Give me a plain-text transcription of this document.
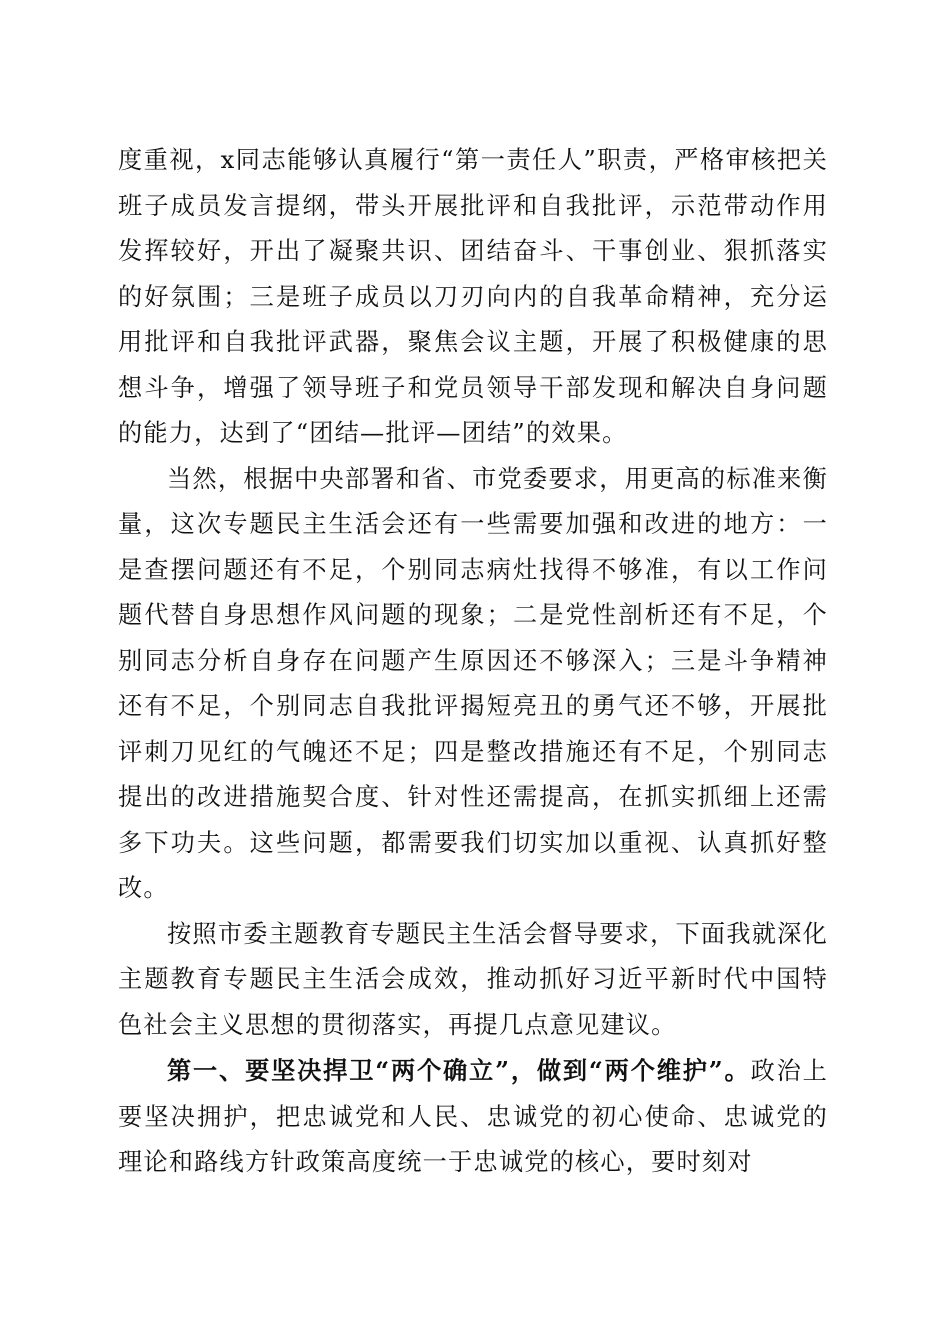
度重视，x同志能够认真履行“第一责任人”职责，严格审核把关班子成员发言提纲，带头开展批评和自我批评，示范带动作用发挥较好，开出了凝聚共识、团结奋斗、干事创业、狠抓落实的好氛围；三是班子成员以刀刃向内的自我革命精神，充分运用批评和自我批评武器，聚焦会议主题，开展了积极健康的思想斗争，增强了领导班子和党员领导干部发现和解决自身问题的能力，达到了“团结—批评—团结”的效果。

当然，根据中央部署和省、市党委要求，用更高的标准来衡量，这次专题民主生活会还有一些需要加强和改进的地方：一是查摆问题还有不足，个别同志病灶找得不够准，有以工作问题代替自身思想作风问题的现象；二是党性剖析还有不足，个别同志分析自身存在问题产生原因还不够深入；三是斗争精神还有不足，个别同志自我批评揭短亮丑的勇气还不够，开展批评刺刀见红的气魄还不足；四是整改措施还有不足，个别同志提出的改进措施契合度、针对性还需提高，在抓实抓细上还需多下功夫。这些问题，都需要我们切实加以重视、认真抓好整改。

按照市委主题教育专题民主生活会督导要求，下面我就深化主题教育专题民主生活会成效，推动抓好习近平新时代中国特色社会主义思想的贯彻落实，再提几点意见建议。

第一、要坚决捍卫“两个确立”，做到“两个维护”。政治上要坚决拥护，把忠诚党和人民、忠诚党的初心使命、忠诚党的理论和路线方针政策高度统一于忠诚党的核心，要时刻对
